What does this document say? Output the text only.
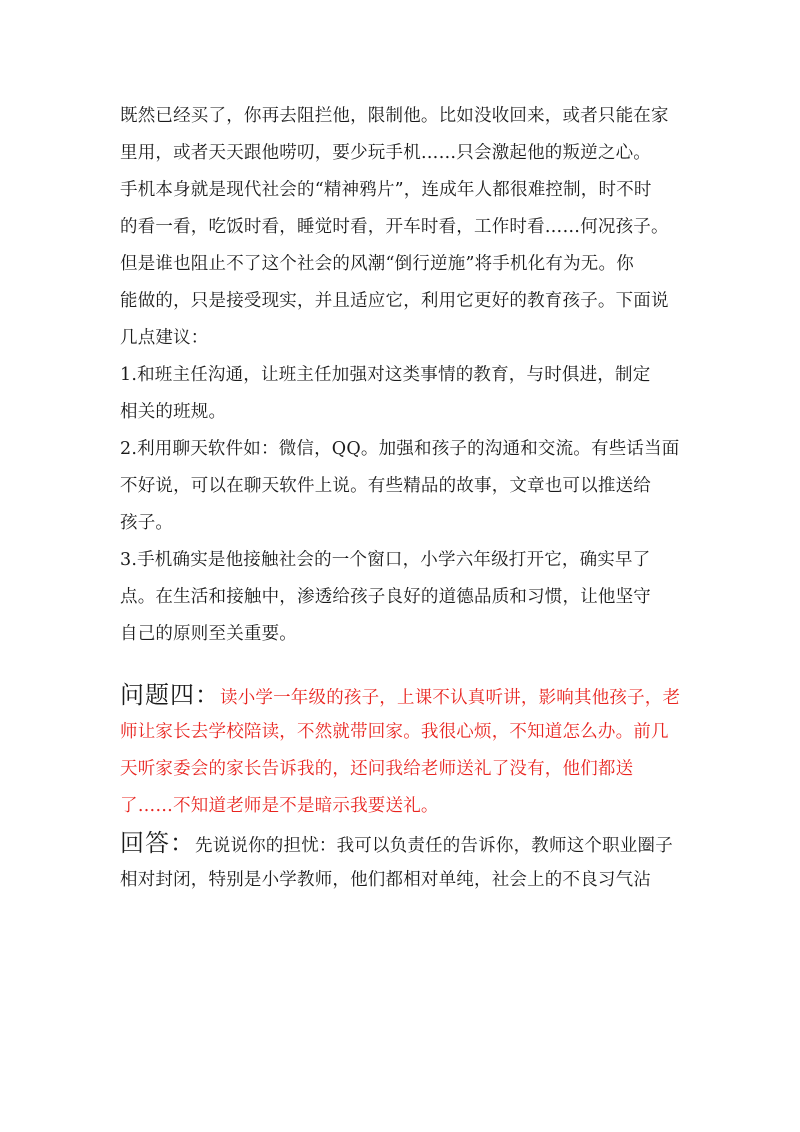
既然已经买了，你再去阻拦他，限制他。比如没收回来，或者只能在家
里用，或者天天跟他唠叨，要少玩手机……只会激起他的叛逆之心。
手机本身就是现代社会的“精神鸦片”，连成年人都很难控制，时不时
的看一看，吃饭时看，睡觉时看，开车时看，工作时看……何况孩子。
但是谁也阻止不了这个社会的风潮“倒行逆施”将手机化有为无。你
能做的，只是接受现实，并且适应它，利用它更好的教育孩子。下面说
几点建议：
1.和班主任沟通，让班主任加强对这类事情的教育，与时俱进，制定
相关的班规。
2.利用聊天软件如：微信，QQ。加强和孩子的沟通和交流。有些话当面
不好说，可以在聊天软件上说。有些精品的故事，文章也可以推送给
孩子。
3.手机确实是他接触社会的一个窗口，小学六年级打开它，确实早了
点。在生活和接触中，渗透给孩子良好的道德品质和习惯，让他坚守
自己的原则至关重要。
问题四：读小学一年级的孩子，上课不认真听讲，影响其他孩子，老
师让家长去学校陪读，不然就带回家。我很心烦，不知道怎么办。前几
天听家委会的家长告诉我的，还问我给老师送礼了没有，他们都送
了……不知道老师是不是暗示我要送礼。
回答：先说说你的担忧：我可以负责任的告诉你，教师这个职业圈子
相对封闭，特别是小学教师，他们都相对单纯，社会上的不良习气沾
